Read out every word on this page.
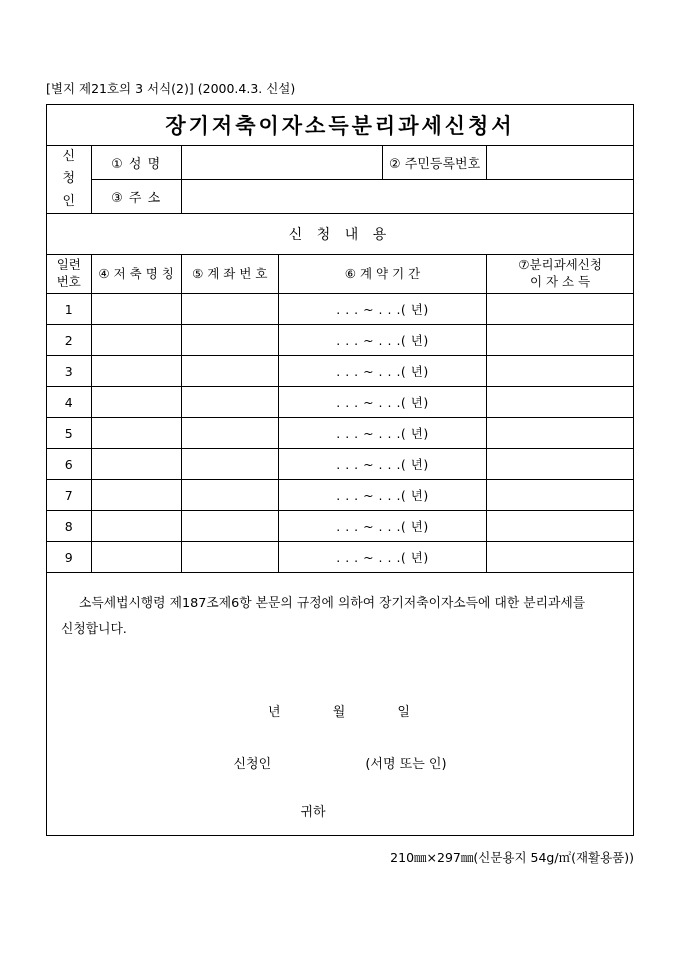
[별지 제21호의 3 서식(2)] (2000.4.3. 신설)
장기저축이자소득분리과세신청서					
신
청
인	① 성 명			② 주민등록번호	
	③ 주 소				
신 청 내 용					
일련
번호	④ 저 축 명 칭	⑤ 계 좌 번 호	⑥ 계 약 기 간		⑦분리과세신청
이 자 소 득
1			. . . ~ . . .( 년)		
2			. . . ~ . . .( 년)		
3			. . . ~ . . .( 년)		
4			. . . ~ . . .( 년)		
5			. . . ~ . . .( 년)		
6			. . . ~ . . .( 년)		
7			. . . ~ . . .( 년)		
8			. . . ~ . . .( 년)		
9			. . . ~ . . .( 년)		

소득세법시행령 제187조제6항 본문의 규정에 의하여 장기저축이자소득에 대한 분리과세를
신청합니다.
년 월 일
신청인 (서명 또는 인)
귀하					
210㎜×297㎜(신문용지 54g/㎡(재활용품))
